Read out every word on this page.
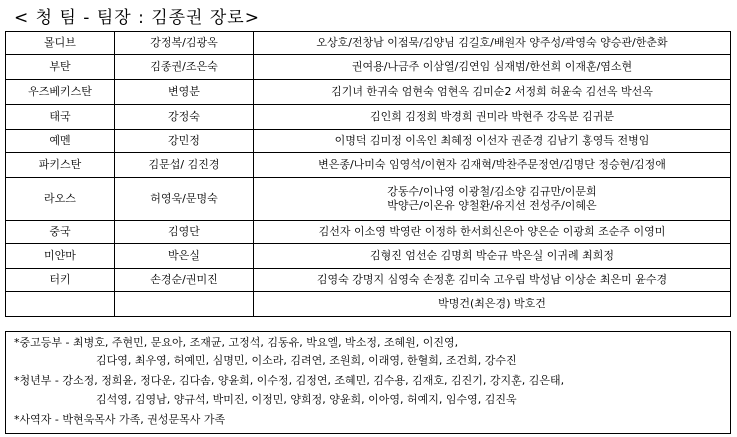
< 청 팀 - 팀장 : 김종권 장로>
몰디브	강정복/김광옥	오상호/전창남 이점묵/김양님 김길호/배원자 양주성/곽영숙 양승관/한춘화
부탄	김종권/조은숙	권여용/나금주 이삼열/김연임 심재범/한선희 이재훈/염소현
우즈베키스탄	변영분	김기녀 한귀숙 엄현숙 엄현옥 김미순2 서정희 허윤숙 김선옥 박선옥
태국	강정숙	김인희 김정희 박경희 권미라 박현주 강옥분 김귀분
예멘	강민정	이명덕 김미정 이옥인 최혜정 이선자 권준경 김남기 홍영득 전병임
파키스탄	김문섭/ 김진경	변은종/나미숙 임영석/이현자 김재혁/박찬주문정연/김명단 정승현/김정애
라오스	허영욱/문명숙	강동수/이나영 이광철/김소양 김규만/이문희
박양근/이온유 양철환/유지선 전성주/이혜은

중국	김영단	김선자 이소영 박영란 이정하 한서희신은아 양은순 이광희 조순주 이영미
미얀마	박은실	김형진 엄선순 김명희 박순규 박은실 이귀례 최희정
터키	손경순/권미진	김영숙 강명지 심영숙 손정훈 김미숙 고우림 박성남 이상순 최은미 윤수경
		박명건(최은경) 박호건
*중고등부 - 최병호, 주현민, 문요아, 조재균, 고정석, 김동유, 박요엘, 박소정, 조혜원, 이진영,
김다영, 최우영, 허예민, 심명민, 이소라, 김려연, 조원희, 이래영, 한혈희, 조건희, 강수진
*청년부 - 강소정, 정희윤, 정다운, 김다솜, 양윤희, 이수정, 김정연, 조혜민, 김수용, 김재호, 김진기, 강지훈, 김은태,
김석영, 김영남, 양규석, 박미진, 이정민, 양희정, 양윤희, 이아영, 허예지, 임수영, 김진욱
*사역자 - 박현욱목사 가족, 권성문목사 가족
